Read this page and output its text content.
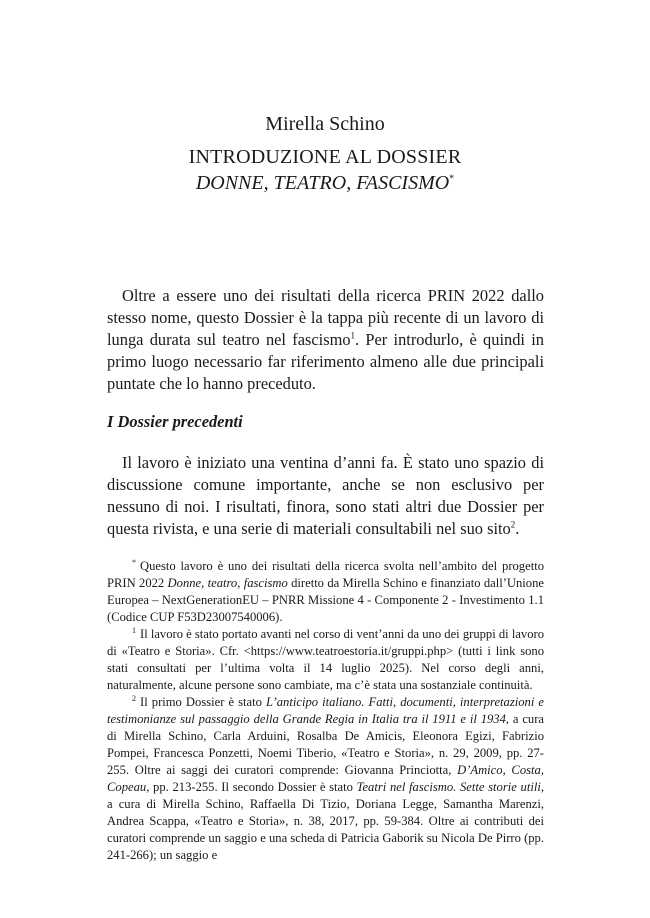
Mirella Schino
INTRODUZIONE AL DOSSIER
DONNE, TEATRO, FASCISMO*

Oltre a essere uno dei risultati della ricerca PRIN 2022 dallo stesso nome, questo Dossier è la tappa più recente di un lavoro di lunga durata sul teatro nel fascismo$^1$. Per introdurlo, è quindi in primo luogo necessario far riferimento almeno alle due principali puntate che lo hanno preceduto.

I Dossier precedenti

Il lavoro è iniziato una ventina d’anni fa. È stato uno spazio di discussione comune importante, anche se non esclusivo per nessuno di noi. I risultati, finora, sono stati altri due Dossier per questa rivista, e una serie di materiali consultabili nel suo sito$^2$.

* Questo lavoro è uno dei risultati della ricerca svolta nell’ambito del progetto PRIN 2022 Donne, teatro, fascismo diretto da Mirella Schino e finanziato dall’Unione Europea – NextGenerationEU – PNRR Missione 4 - Componente 2 - Investimento 1.1 (Codice CUP F53D23007540006).

$^1$ Il lavoro è stato portato avanti nel corso di vent’anni da uno dei gruppi di lavoro di «Teatro e Storia». Cfr. <https://www.teatroestoria.it/gruppi.php> (tutti i link sono stati consultati per l’ultima volta il 14 luglio 2025). Nel corso degli anni, naturalmente, alcune persone sono cambiate, ma c’è stata una sostanziale continuità.

$^2$ Il primo Dossier è stato L’anticipo italiano. Fatti, documenti, interpretazioni e testimonianze sul passaggio della Grande Regia in Italia tra il 1911 e il 1934, a cura di Mirella Schino, Carla Arduini, Rosalba De Amicis, Eleonora Egizi, Fabrizio Pompei, Francesca Ponzetti, Noemi Tiberio, «Teatro e Storia», n. 29, 2009, pp. 27-255. Oltre ai saggi dei curatori comprende: Giovanna Princiotta, D’Amico, Costa, Copeau, pp. 213-255. Il secondo Dossier è stato Teatri nel fascismo. Sette storie utili, a cura di Mirella Schino, Raffaella Di Tizio, Doriana Legge, Samantha Marenzi, Andrea Scappa, «Teatro e Storia», n. 38, 2017, pp. 59-384. Oltre ai contributi dei curatori comprende un saggio e una scheda di Patricia Gaborik su Nicola De Pirro (pp. 241-266); un saggio e
